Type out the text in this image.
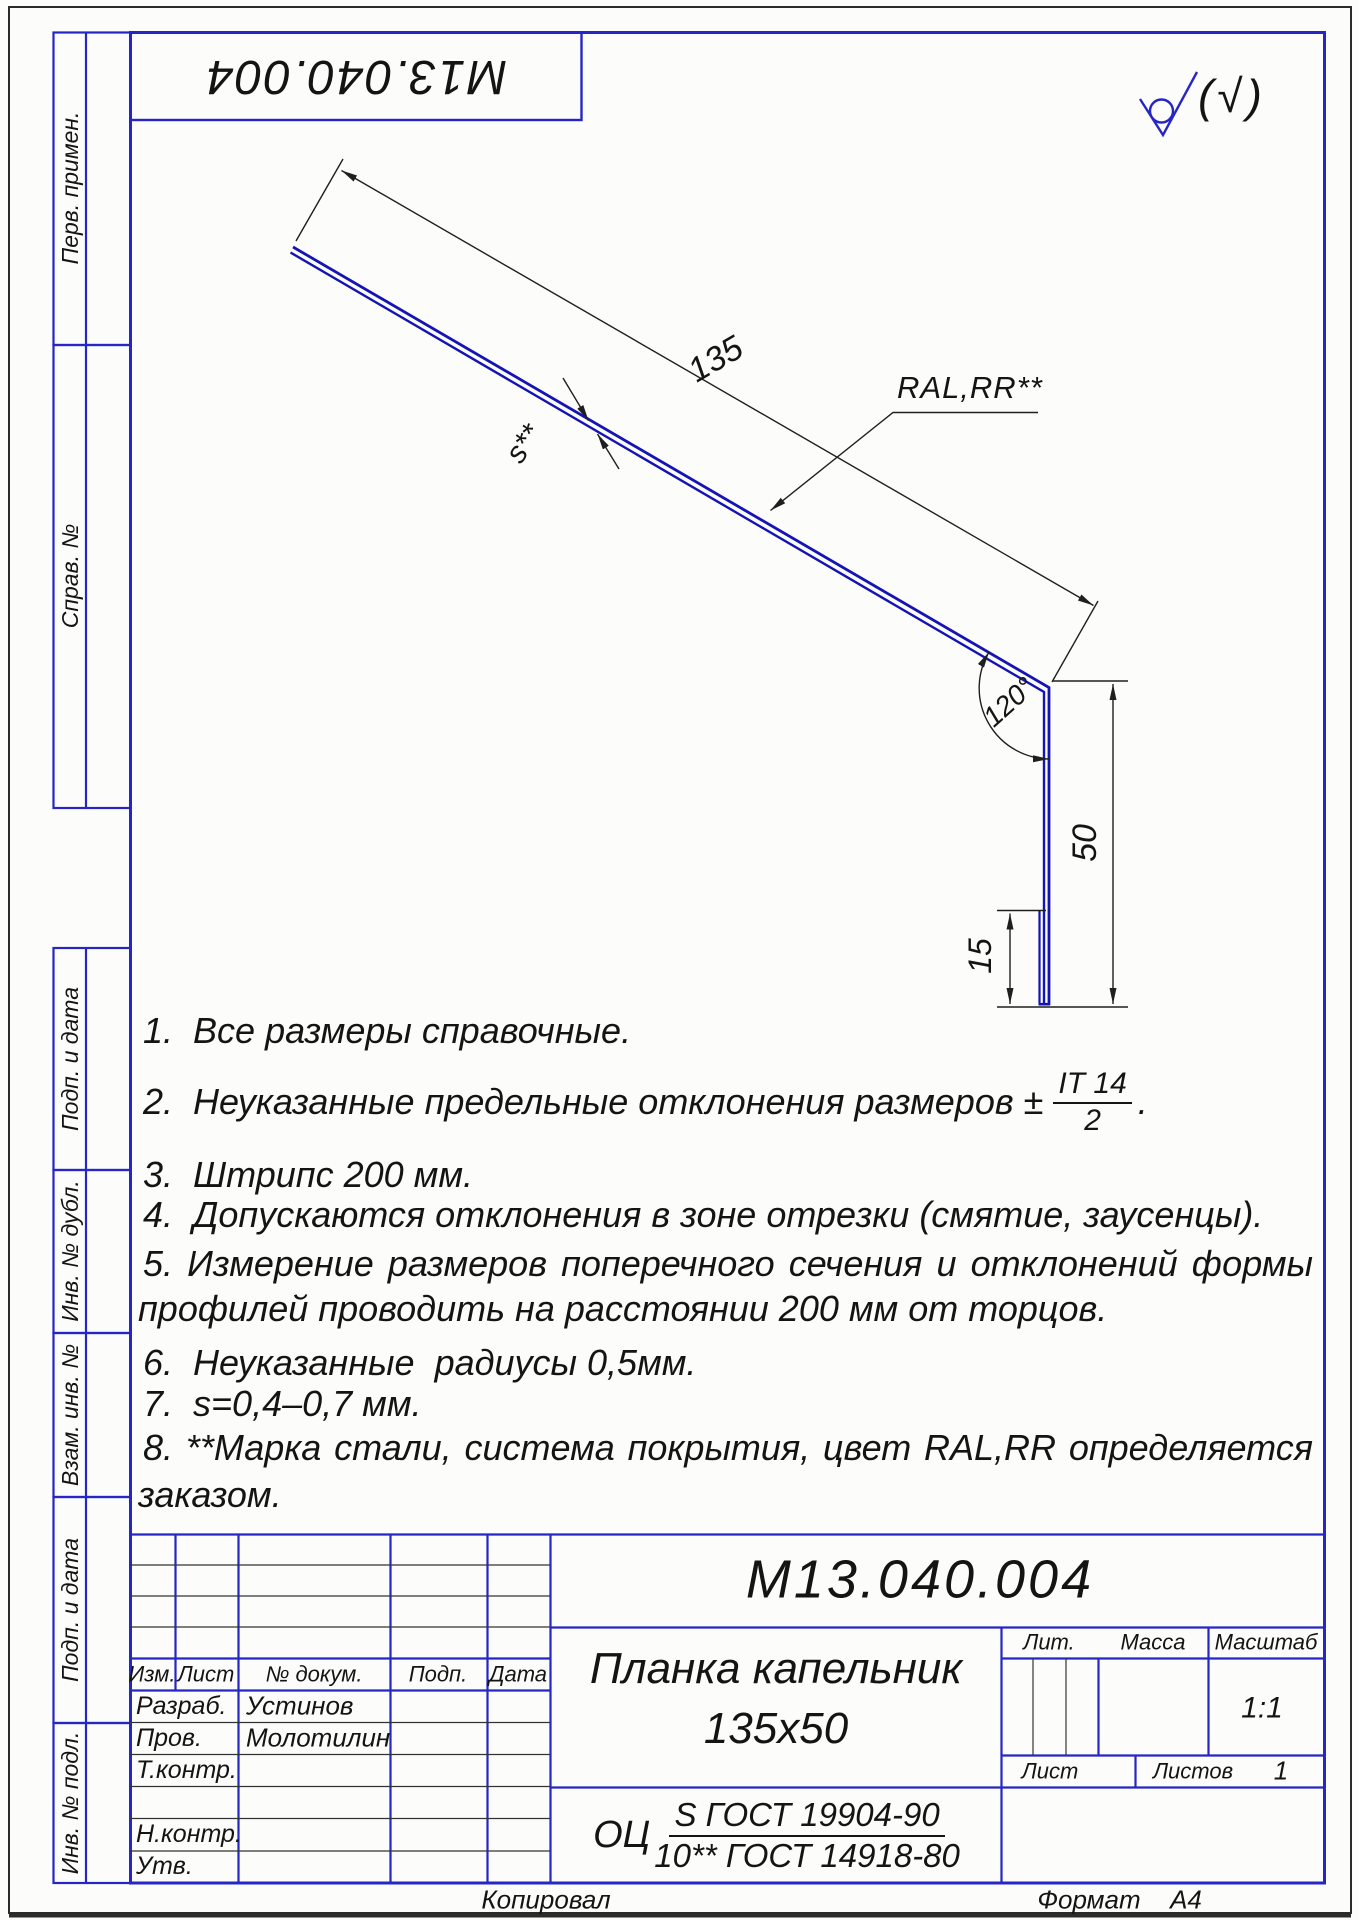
М13.040.004	(√)
Перв. примен.
Справ. №
Подп. и дата
Инв. № дубл.
Взам. инв. №
Подп. и дата
Инв. № подл.
135
s**
RAL,RR**
120°
50
15
1.  Все размеры справочные.
2.  Неуказанные предельные отклонения размеров ± $\frac{IT 14}{2}$ .
3.  Штрипс 200 мм.
4.  Допускаются отклонения в зоне отрезки (смятие, заусенцы).
5. Измерение размеров поперечного сечения и отклонений формы
профилей проводить на расстоянии 200 мм от торцов.
6.  Неуказанные  радиусы 0,5мм.
7.  s=0,4–0,7 мм.
8. **Марка стали, система покрытия, цвет RAL,RR определяется
заказом.
М13.040.004
Планка капельник
135х50
Изм. Лист № докум. Подп. Дата
Разраб. Устинов
Пров. Молотилин
Т.контр.
Н.контр.
Утв.
Лит. Масса Масштаб
1:1
Лист	Листов 1
ОЦ $\frac{\text{S ГОСТ 19904-90}}{\text{10** ГОСТ 14918-80}}$
Копировал	Формат А4
